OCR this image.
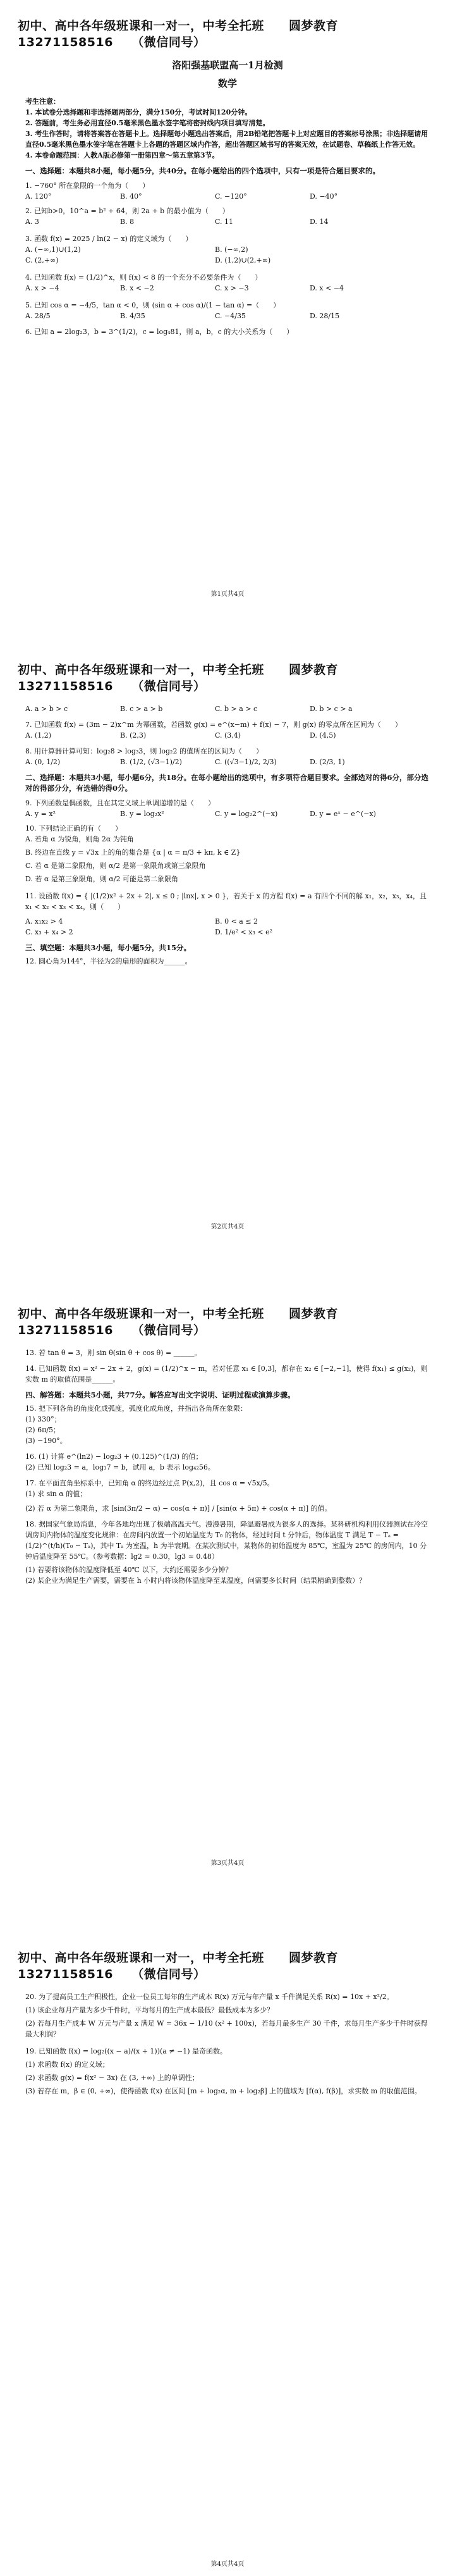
初中、高中各年级班课和一对一，中考全托班　　圆梦教育
13271158516　　（微信同号）
洛阳强基联盟高一1月检测
数学

考生注意：

1. 本试卷分选择题和非选择题两部分，满分150分，考试时间120分钟。

2. 答题前，考生务必用直径0.5毫米黑色墨水签字笔将密封线内项目填写清楚。

3. 考生作答时，请将答案答在答题卡上。选择题每小题选出答案后，用2B铅笔把答题卡上对应题目的答案标号涂黑；非选择题请用直径0.5毫米黑色墨水签字笔在答题卡上各题的答题区域内作答，超出答题区域书写的答案无效，在试题卷、草稿纸上作答无效。

4. 本卷命题范围：人教A版必修第一册第四章～第五章第3节。

一、选择题：本题共8小题，每小题5分，共40分。在每小题给出的四个选项中，只有一项是符合题目要求的。

1. −760° 所在象限的一个角为（　　）

A. 120°	B. 40°	C. −120°	D. −40°

2. 已知b>0，10^a = b² + 64，则 2a + b 的最小值为（　　）

A. 3	B. 8	C. 11	D. 14

3. 函数 f(x) = 2025 / ln(2 − x) 的定义域为（　　）

A. (−∞,1)∪(1,2)	B. (−∞,2)
C. (2,+∞)	D. (1,2)∪(2,+∞)

4. 已知函数 f(x) = (1/2)^x，则 f(x) < 8 的一个充分不必要条件为（　　）

A. x > −4	B. x < −2	C. x > −3	D. x < −4

5. 已知 cos α = −4/5，tan α < 0，则 (sin α + cos α)/(1 − tan α) =（　　）

A. 28/5	B. 4/35	C. −4/35	D. 28/15

6. 已知 a = 2log₂3，b = 3^(1/2)，c = log₄81，则 a，b，c 的大小关系为（　　）

第1页共4页
初中、高中各年级班课和一对一，中考全托班　　圆梦教育
13271158516　　（微信同号）
A. a > b > c	B. c > a > b	C. b > a > c	D. b > c > a

7. 已知函数 f(x) = (3m − 2)x^m 为幂函数，若函数 g(x) = e^(x−m) + f(x) − 7，则 g(x) 的零点所在区间为（　　）

A. (1,2)	B. (2,3)	C. (3,4)	D. (4,5)

8. 用计算器计算可知：log₂8 > log₃3，则 log₂2 的值所在的区间为（　　）

A. (0, 1/2)	B. (1/2, (√3−1)/2)	C. ((√3−1)/2, 2/3)	D. (2/3, 1)

二、选择题：本题共3小题，每小题6分，共18分。在每小题给出的选项中，有多项符合题目要求。全部选对的得6分，部分选对的得部分分，有选错的得0分。

9. 下列函数是偶函数，且在其定义域上单调递增的是（　　）

A. y = x²	B. y = log₂x²	C. y = log₂2^(−x)	D. y = eˣ − e^(−x)

10. 下列结论正确的有（　　）

A. 若角 α 为锐角，则角 2α 为钝角

B. 终边在直线 y = √3x 上的角的集合是 {α | α = π/3 + kπ, k ∈ Z}

C. 若 α 是第二象限角，则 α/2 是第一象限角或第三象限角

D. 若 α 是第三象限角，则 α/2 可能是第二象限角

11. 设函数 f(x) = { |(1/2)x² + 2x + 2|, x ≤ 0 ; |lnx|, x > 0 }，若关于 x 的方程 f(x) = a 有四个不同的解 x₁，x₂，x₃，x₄，且 x₁ < x₂ < x₃ < x₄，则（　　）

A. x₁x₂ > 4	B. 0 < a ≤ 2
C. x₃ + x₄ > 2	D. 1/e² < x₃ < e²

三、填空题：本题共3小题，每小题5分，共15分。

12. 圆心角为144°，半径为2的扇形的面积为______。

第2页共4页
初中、高中各年级班课和一对一，中考全托班　　圆梦教育
13271158516　　（微信同号）

13. 若 tan θ = 3，则 sin θ(sin θ + cos θ) = ______。

14. 已知函数 f(x) = x² − 2x + 2，g(x) = (1/2)^x − m，若对任意 x₁ ∈ [0,3]，都存在 x₂ ∈ [−2,−1]，使得 f(x₁) ≤ g(x₂)，则实数 m 的取值范围是______。

四、解答题：本题共5小题，共77分。解答应写出文字说明、证明过程或演算步骤。

15. 把下列各角的角度化成弧度，弧度化成角度，并指出各角所在象限：

(1) 330°；

(2) 6π/5；

(3) −190°。

16. (1) 计算 e^(ln2) − log₂3 + (0.125)^(1/3) 的值；

(2) 已知 log₂3 = a，log₃7 = b，试用 a，b 表示 log₄₂56。

17. 在平面直角坐标系中，已知角 α 的终边经过点 P(x,2)，且 cos α = √5x/5。

(1) 求 sin α 的值；

(2) 若 α 为第二象限角，求 [sin(3π/2 − α) − cos(α + π)] / [sin(α + 5π) + cos(α + π)] 的值。

18. 据国家气象局消息，今年各地均出现了极端高温天气。漫漫暑期，降温避暑成为很多人的选择。某科研机构利用仪器测试在冷空调房间内物体的温度变化规律：在房间内放置一个初始温度为 T₀ 的物体，经过时间 t 分钟后，物体温度 T 满足 T − Tₐ = (1/2)^(t/h)(T₀ − Tₐ)，其中 Tₐ 为室温，h 为半衰期。在某次测试中，某物体的初始温度为 85℃，室温为 25℃ 的房间内，10 分钟后温度降至 55℃。（参考数据：lg2 ≈ 0.30，lg3 ≈ 0.48）

(1) 若要将该物体的温度降低至 40℃ 以下，大约还需要多少分钟？

(2) 某企业为满足生产需要，需要在 h 小时内将该物体温度降至某温度，问需要多长时间（结果精确到整数）？

第3页共4页
初中、高中各年级班课和一对一，中考全托班　　圆梦教育
13271158516　　（微信同号）

20. 为了提高员工生产积极性，企业一位员工每年的生产成本 R(x) 万元与年产量 x 千件满足关系 R(x) = 10x + x²/2。

(1) 该企业每月产量为多少千件时，平均每月的生产成本最低？最低成本为多少？

(2) 若每月生产成本 W 万元与产量 x 满足 W = 36x − 1/10 (x² + 100x)，若每月最多生产 30 千件，求每月生产多少千件时获得最大利润？

19. 已知函数 f(x) = log₂((x − a)/(x + 1))(a ≠ −1) 是奇函数。

(1) 求函数 f(x) 的定义域；

(2) 求函数 g(x) = f(x² − 3x) 在 (3, +∞) 上的单调性；

(3) 若存在 m，β ∈ (0, +∞)，使得函数 f(x) 在区间 [m + log₂α, m + log₂β] 上的值域为 [f(α), f(β)]，求实数 m 的取值范围。

第4页共4页
